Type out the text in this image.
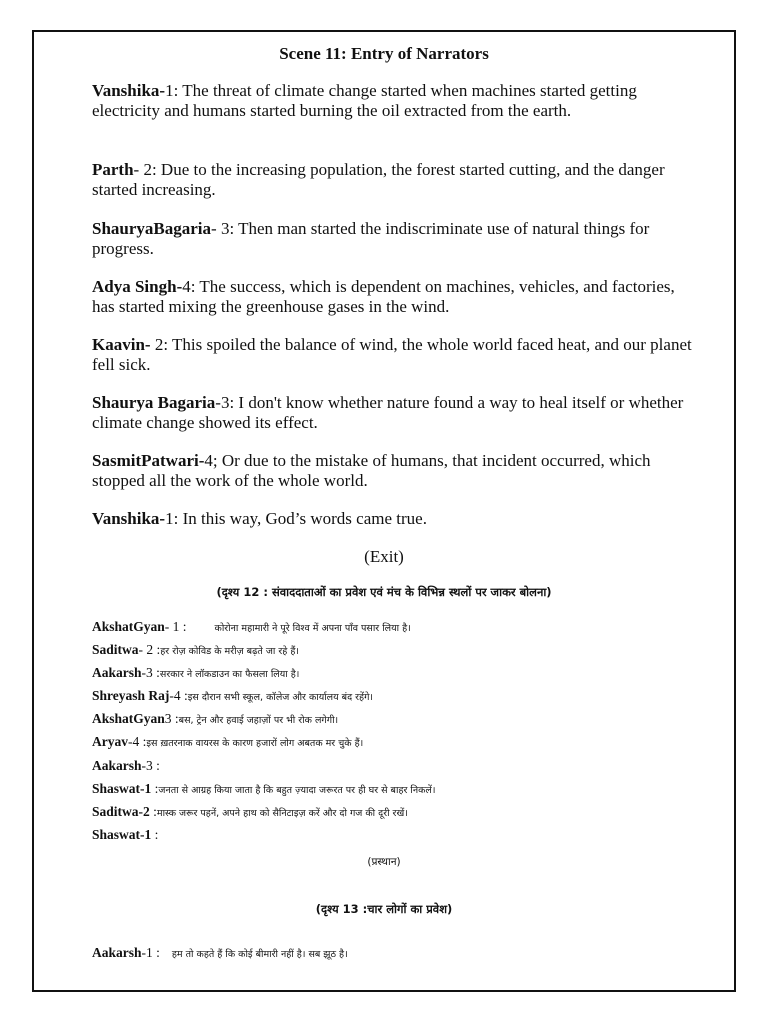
Scene 11: Entry of Narrators
Vanshika-1: The threat of climate change started when machines started getting electricity and humans started burning the oil extracted from the earth.
Parth- 2: Due to the increasing population, the forest started cutting, and the danger started increasing.
ShauryaBagaria- 3: Then man started the indiscriminate use of natural things for progress.
Adya Singh-4: The success, which is dependent on machines, vehicles, and factories, has started mixing the greenhouse gases in the wind.
Kaavin- 2: This spoiled the balance of wind, the whole world faced heat, and our planet fell sick.
Shaurya Bagaria-3: I don't know whether nature found a way to heal itself or whether climate change showed its effect.
SasmitPatwari-4; Or due to the mistake of humans, that incident occurred, which stopped all the work of the whole world.
Vanshika-1: In this way, God’s words came true.
(Exit)
(दृश्य 12 : संवाददाताओं का प्रवेश एवं मंच के विभिन्न स्थलों पर जाकर बोलना)
AkshatGyan- 1 :	कोरोना महामारी ने पूरे विश्व में अपना पाँव पसार लिया है।
Saditwa- 2 :हर रोज़ कोविड के मरीज़ बढ़ते जा रहे हैं।
Aakarsh-3 :सरकार ने लॉकडाउन का फैसला लिया है।
Shreyash Raj-4 :इस दौरान सभी स्कूल, कॉलेज और कार्यालय बंद रहेंगे।
AkshatGyan3 :बस, ट्रेन और हवाई जहाज़ों पर भी रोक लगेगी।
Aryav-4 :इस ख़तरनाक वायरस के कारण हजारों लोग अबतक मर चुके हैं।
Aakarsh-3 :
Shaswat-1 :जनता से आग्रह किया जाता है कि बहुत ज़्यादा जरूरत पर ही घर से बाहर निकलें।
Saditwa-2 :मास्क जरूर पहनें, अपने हाथ को सैनिटाइज़ करें और दो गज की दूरी रखें।
Shaswat-1 :
(प्रस्थान)
(दृश्य 13 :चार लोगों का प्रवेश)
Aakarsh-1 : हम तो कहते हैं कि कोई बीमारी नहीं है। सब झूठ है।
